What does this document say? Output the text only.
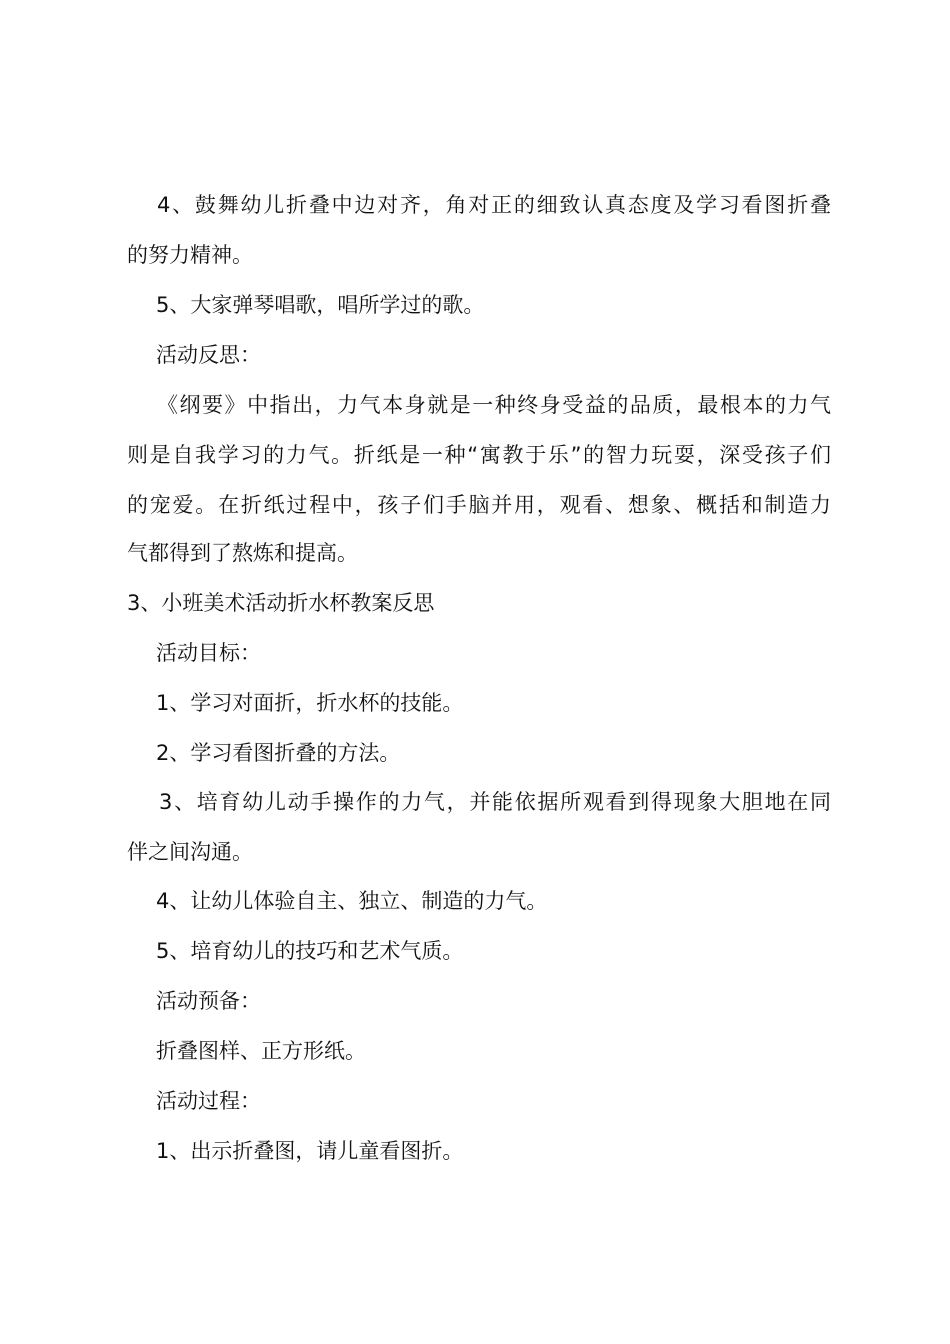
4、鼓舞幼儿折叠中边对齐，角对正的细致认真态度及学习看图折叠
的努力精神。
5、大家弹琴唱歌，唱所学过的歌。
活动反思：
《纲要》中指出，力气本身就是一种终身受益的品质，最根本的力气
则是自我学习的力气。折纸是一种“寓教于乐”的智力玩耍，深受孩子们
的宠爱。在折纸过程中，孩子们手脑并用，观看、想象、概括和制造力
气都得到了熬炼和提高。
3、小班美术活动折水杯教案反思
活动目标：
1、学习对面折，折水杯的技能。
2、学习看图折叠的方法。
3、培育幼儿动手操作的力气，并能依据所观看到得现象大胆地在同
伴之间沟通。
4、让幼儿体验自主、独立、制造的力气。
5、培育幼儿的技巧和艺术气质。
活动预备：
折叠图样、正方形纸。
活动过程：
1、出示折叠图，请儿童看图折。
